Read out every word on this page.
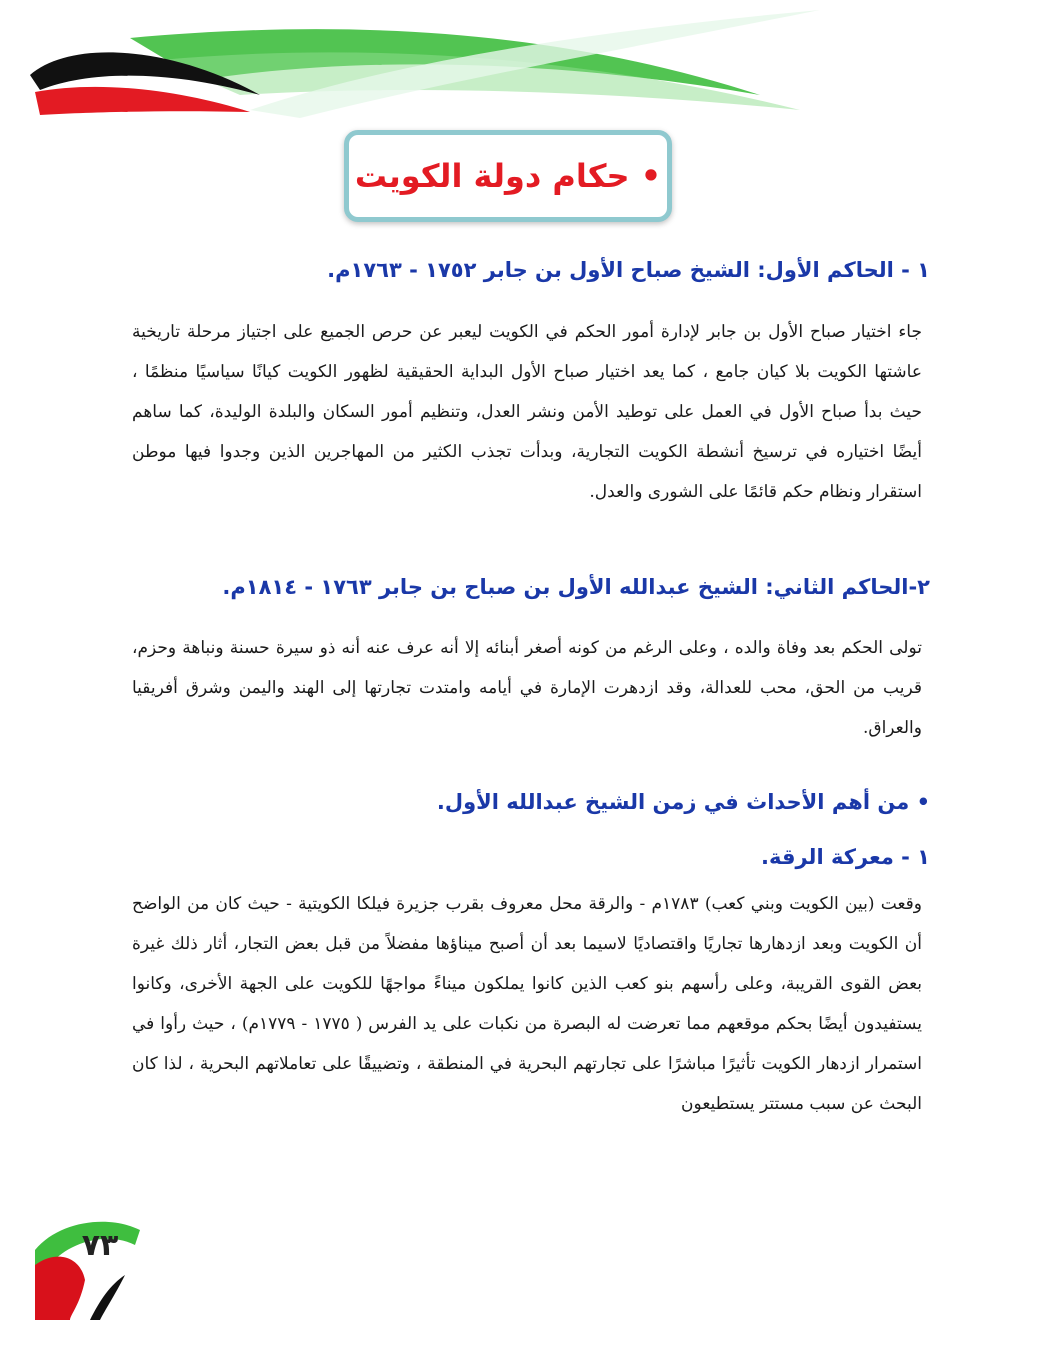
• حكام دولة الكويت
١ - الحاكم الأول: الشيخ صباح الأول بن جابر ١٧٥٢ - ١٧٦٣م.

جاء اختيار صباح الأول بن جابر لإدارة أمور الحكم في الكويت ليعبر عن حرص الجميع على اجتياز مرحلة تاريخية عاشتها الكويت بلا كيان جامع ، كما يعد اختيار صباح الأول البداية الحقيقية لظهور الكويت كيانًا سياسيًا منظمًا ، حيث بدأ صباح الأول في العمل على توطيد الأمن ونشر العدل، وتنظيم أمور السكان والبلدة الوليدة، كما ساهم أيضًا اختياره في ترسيخ أنشطة الكويت التجارية، وبدأت تجذب الكثير من المهاجرين الذين وجدوا فيها موطن استقرار ونظام حكم قائمًا على الشورى والعدل.

٢-الحاكم الثاني: الشيخ عبدالله الأول بن صباح بن جابر ١٧٦٣ - ١٨١٤م.

تولى الحكم بعد وفاة والده ، وعلى الرغم من كونه أصغر أبنائه إلا أنه عرف عنه أنه ذو سيرة حسنة ونباهة وحزم، قريب من الحق، محب للعدالة، وقد ازدهرت الإمارة في أيامه وامتدت تجارتها إلى الهند واليمن وشرق أفريقيا والعراق.

• من أهم الأحداث في زمن الشيخ عبدالله الأول.
١ - معركة الرقة.

وقعت (بين الكويت وبني كعب) ١٧٨٣م - والرقة محل معروف بقرب جزيرة فيلكا الكويتية - حيث كان من الواضح أن الكويت وبعد ازدهارها تجاريًا واقتصاديًا لاسيما بعد أن أصبح ميناؤها مفضلاً من قبل بعض التجار، أثار ذلك غيرة بعض القوى القريبة، وعلى رأسهم بنو كعب الذين كانوا يملكون ميناءً مواجهًا للكويت على الجهة الأخرى، وكانوا يستفيدون أيضًا بحكم موقعهم مما تعرضت له البصرة من نكبات على يد الفرس ( ١٧٧٥ - ١٧٧٩م) ، حيث رأوا في استمرار ازدهار الكويت تأثيرًا مباشرًا على تجارتهم البحرية في المنطقة ، وتضييقًا على تعاملاتهم البحرية ، لذا كان البحث عن سبب مستتر يستطيعون

٧٣
